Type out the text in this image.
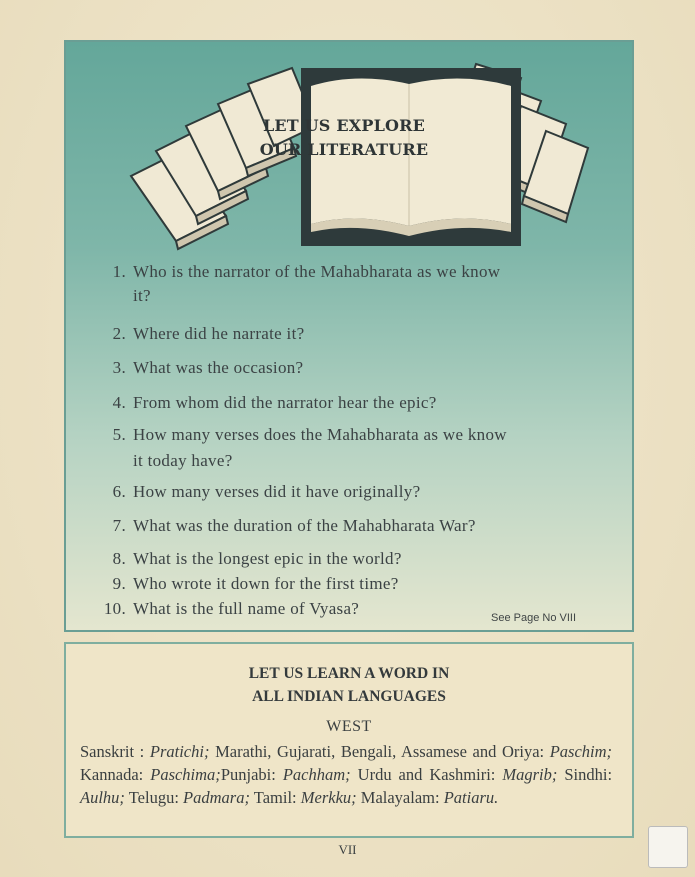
LET US EXPLORE
OUR LITERATURE
1. Who is the narrator of the Mahabharata as we know
it?
2. Where did he narrate it?
3. What was the occasion?
4. From whom did the narrator hear the epic?
5. How many verses does the Mahabharata as we know
it today have?
6. How many verses did it have originally?
7. What was the duration of the Mahabharata War?
8. What is the longest epic in the world?
9. Who wrote it down for the first time?
10. What is the full name of Vyasa?	See Page No VIII
LET US LEARN A WORD IN
ALL INDIAN LANGUAGES
WEST
Sanskrit : Pratichi; Marathi, Gujarati, Bengali, Assamese and Oriya: Paschim; Kannada: Paschima;Punjabi: Pachham; Urdu and Kashmiri: Magrib; Sindhi: Aulhu; Telugu: Padmara; Tamil: Merkku; Malayalam: Patiaru.
VII
